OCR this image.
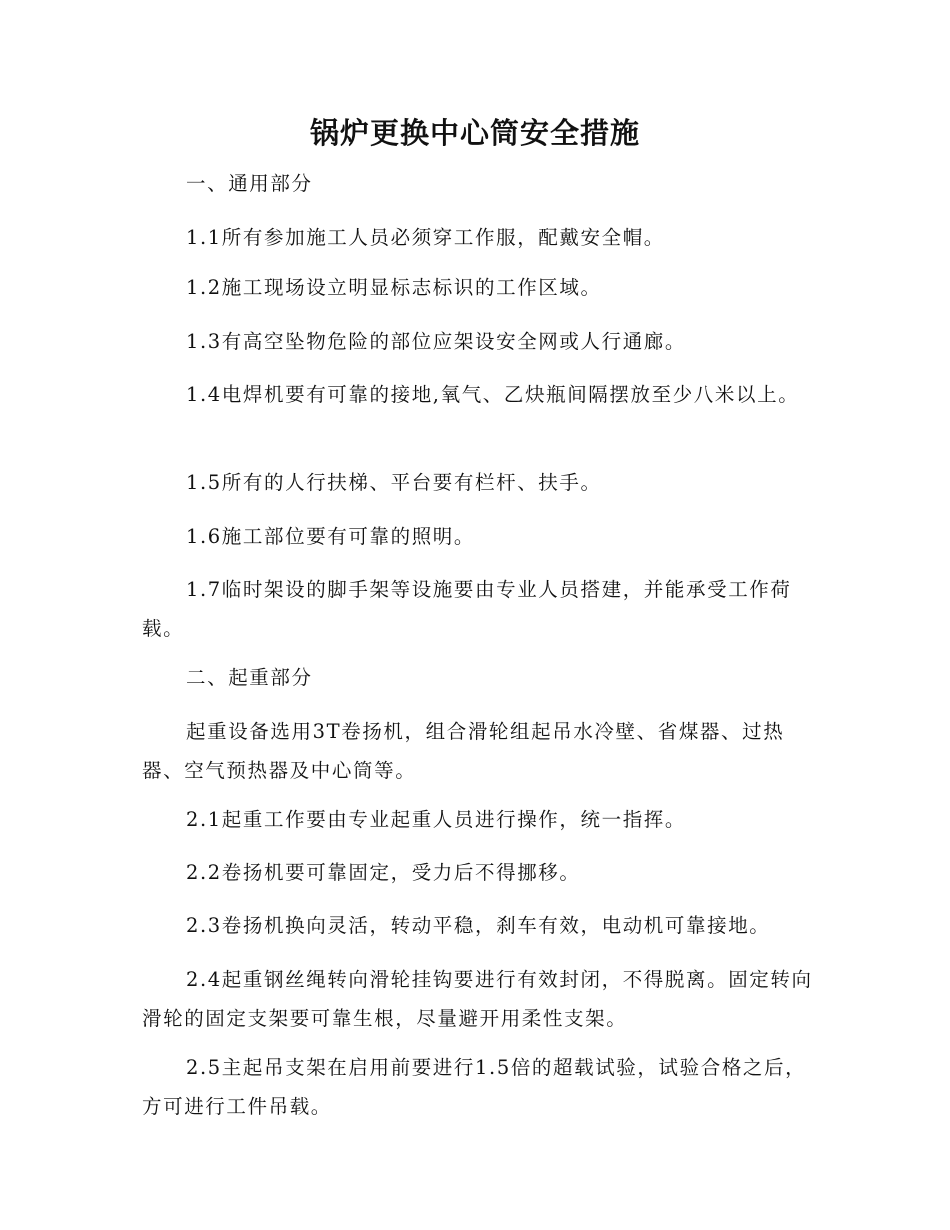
锅炉更换中心筒安全措施

一、通用部分

1.1所有参加施工人员必须穿工作服，配戴安全帽。

1.2施工现场设立明显标志标识的工作区域。

1.3有高空坠物危险的部位应架设安全网或人行通廊。

1.4电焊机要有可靠的接地,氧气、乙炔瓶间隔摆放至少八米以上。

1.5所有的人行扶梯、平台要有栏杆、扶手。

1.6施工部位要有可靠的照明。

1.7临时架设的脚手架等设施要由专业人员搭建，并能承受工作荷载。

二、起重部分

起重设备选用3T卷扬机，组合滑轮组起吊水冷壁、省煤器、过热器、空气预热器及中心筒等。

2.1起重工作要由专业起重人员进行操作，统一指挥。

2.2卷扬机要可靠固定，受力后不得挪移。

2.3卷扬机换向灵活，转动平稳，刹车有效，电动机可靠接地。

2.4起重钢丝绳转向滑轮挂钩要进行有效封闭，不得脱离。固定转向滑轮的固定支架要可靠生根，尽量避开用柔性支架。

2.5主起吊支架在启用前要进行1.5倍的超载试验，试验合格之后，方可进行工件吊载。
